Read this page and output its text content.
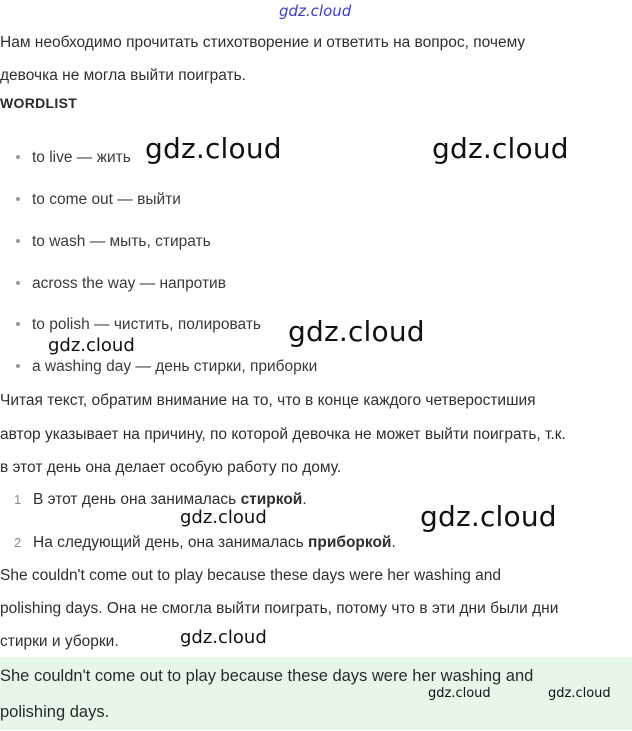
gdz.cloud
Нам необходимо прочитать стихотворение и ответить на вопрос, почему
девочка не могла выйти поиграть.
WORDLIST
to live — жить
to come out — выйти
to wash — мыть, стирать
across the way — напротив
to polish — чистить, полировать
a washing day — день стирки, приборки
Читая текст, обратим внимание на то, что в конце каждого четверостишия
автор указывает на причину, по которой девочка не может выйти поиграть, т.к.
в этот день она делает особую работу по дому.
1 В этот день она занималась стиркой.
2 На следующий день, она занималась приборкой.
She couldn't come out to play because these days were her washing and
polishing days. Она не смогла выйти поиграть, потому что в эти дни были дни
стирки и уборки.
She couldn't come out to play because these days were her washing and
polishing days.
gdz.cloud	gdz.cloud
gdz.cloud
gdz.cloud
gdz.cloud	gdz.cloud
gdz.cloud
gdz.cloud	gdz.cloud
